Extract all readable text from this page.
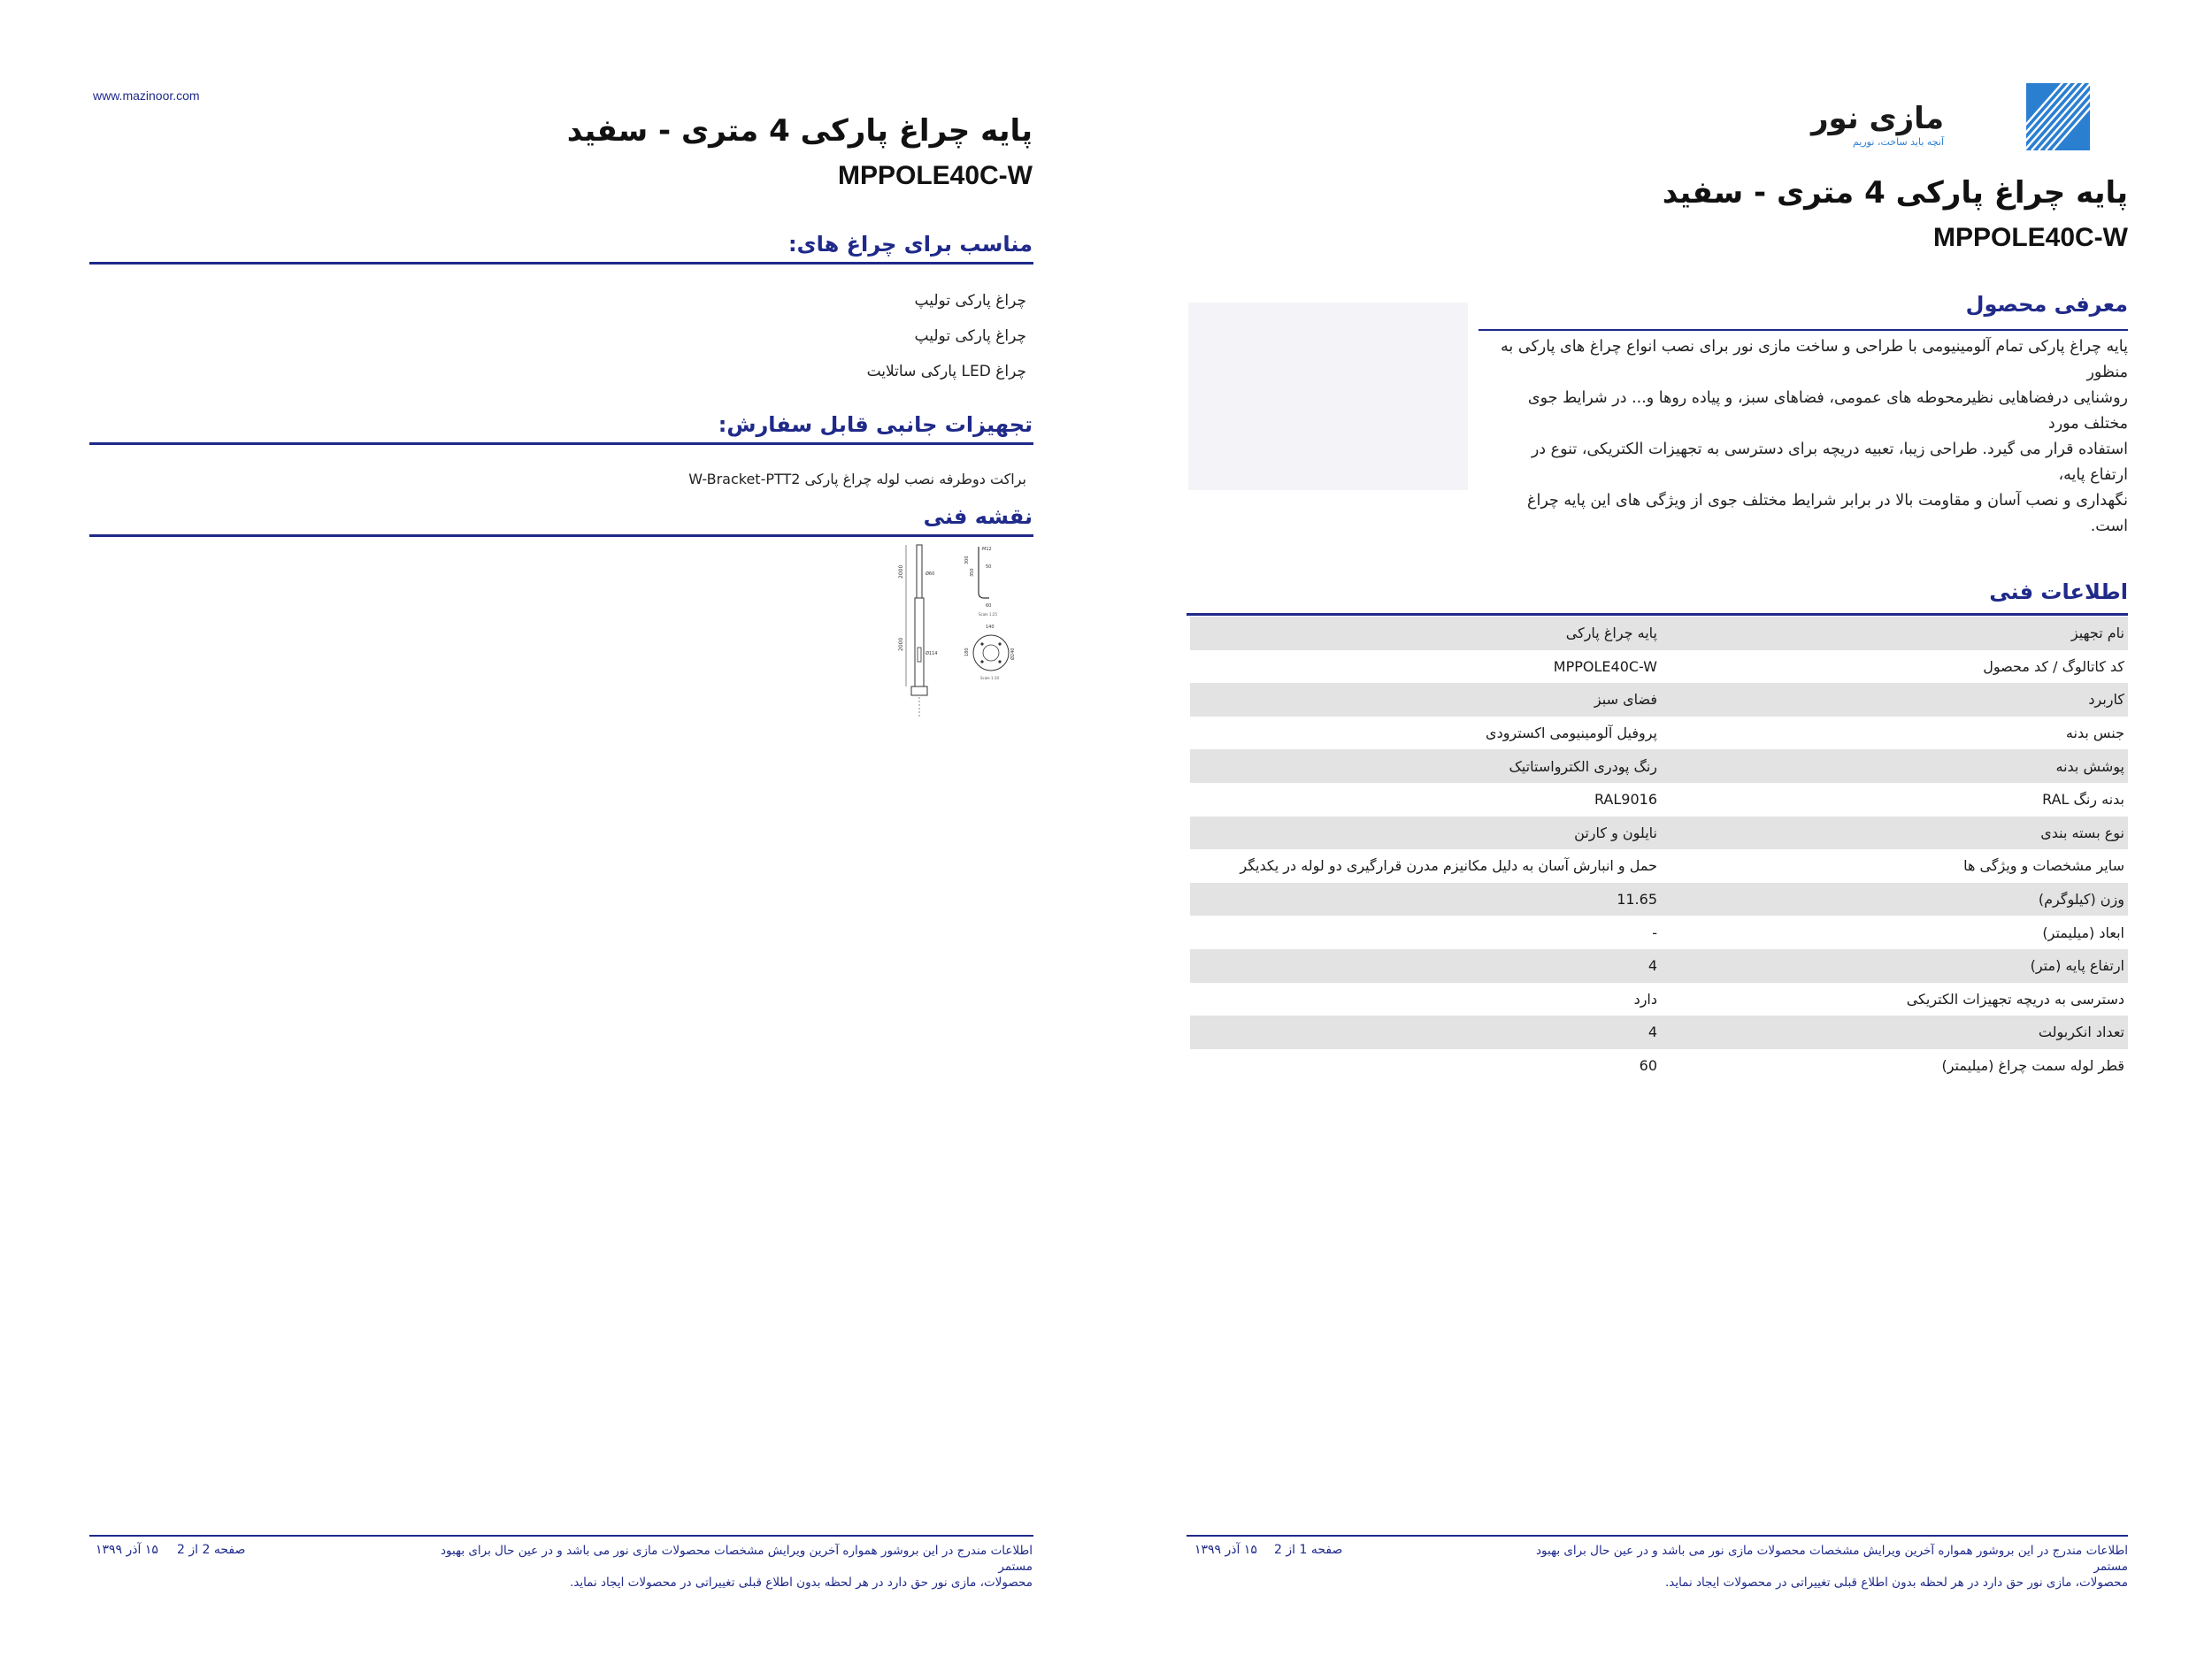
www.mazinoor.com
پایه چراغ پارکی 4 متری - سفید
MPPOLE40C-W
مناسب برای چراغ های:
چراغ پارکی تولیپ
چراغ پارکی تولیپ
چراغ LED پارکی ساتلایت
تجهیزات جانبی قابل سفارش:
براکت دوطرفه نصب لوله چراغ پارکی W-Bracket-PTT2
نقشه فنی
2000
2000
Ø60
Ø114
M12
350
300
50
60
Scale 1:25
140
180	Ø240
Scale 1:10
اطلاعات مندرج در این بروشور همواره آخرین ویرایش مشخصات محصولات مازی نور می باشد و در عین حال برای بهبود مستمر
محصولات، مازی نور حق دارد در هر لحظه بدون اطلاع قبلی تغییراتی در محصولات ایجاد نماید.
صفحه 2 از 2
۱۵ آذر ۱۳۹۹
مازی نور
آنچه باید ساخت، نوریم
پایه چراغ پارکی 4 متری - سفید
MPPOLE40C-W
معرفی محصول
پایه چراغ پارکی تمام آلومینیومی با طراحی و ساخت مازی نور برای نصب انواع چراغ های پارکی به منظور
روشنایی درفضاهایی نظیرمحوطه های عمومی، فضاهای سبز، و پیاده روها و... در شرایط جوی مختلف مورد
استفاده قرار می گیرد. طراحی زیبا، تعبیه دریچه برای دسترسی به تجهیزات الکتریکی، تنوع در ارتفاع پایه،
نگهداری و نصب آسان و مقاومت بالا در برابر شرایط مختلف جوی از ویژگی های این پایه چراغ است.
اطلاعات فنی
نام تجهیز	پایه چراغ پارکی
کد کاتالوگ / کد محصول	MPPOLE40C-W
کاربرد	فضای سبز
جنس بدنه	پروفیل آلومینیومی اکسترودی
پوشش بدنه	رنگ پودری الکترواستاتیک
بدنه رنگ RAL	RAL9016
نوع بسته بندی	نایلون و کارتن
سایر مشخصات و ویژگی ها	حمل و انبارش آسان به دلیل مکانیزم مدرن قرارگیری دو لوله در یکدیگر
وزن (کیلوگرم)	11.65
ابعاد (میلیمتر)	-
ارتفاع پایه (متر)	4
دسترسی به دریچه تجهیزات الکتریکی	دارد
تعداد انکربولت	4
قطر لوله سمت چراغ (میلیمتر)	60
اطلاعات مندرج در این بروشور همواره آخرین ویرایش مشخصات محصولات مازی نور می باشد و در عین حال برای بهبود مستمر
محصولات، مازی نور حق دارد در هر لحظه بدون اطلاع قبلی تغییراتی در محصولات ایجاد نماید.
صفحه 1 از 2
۱۵ آذر ۱۳۹۹
